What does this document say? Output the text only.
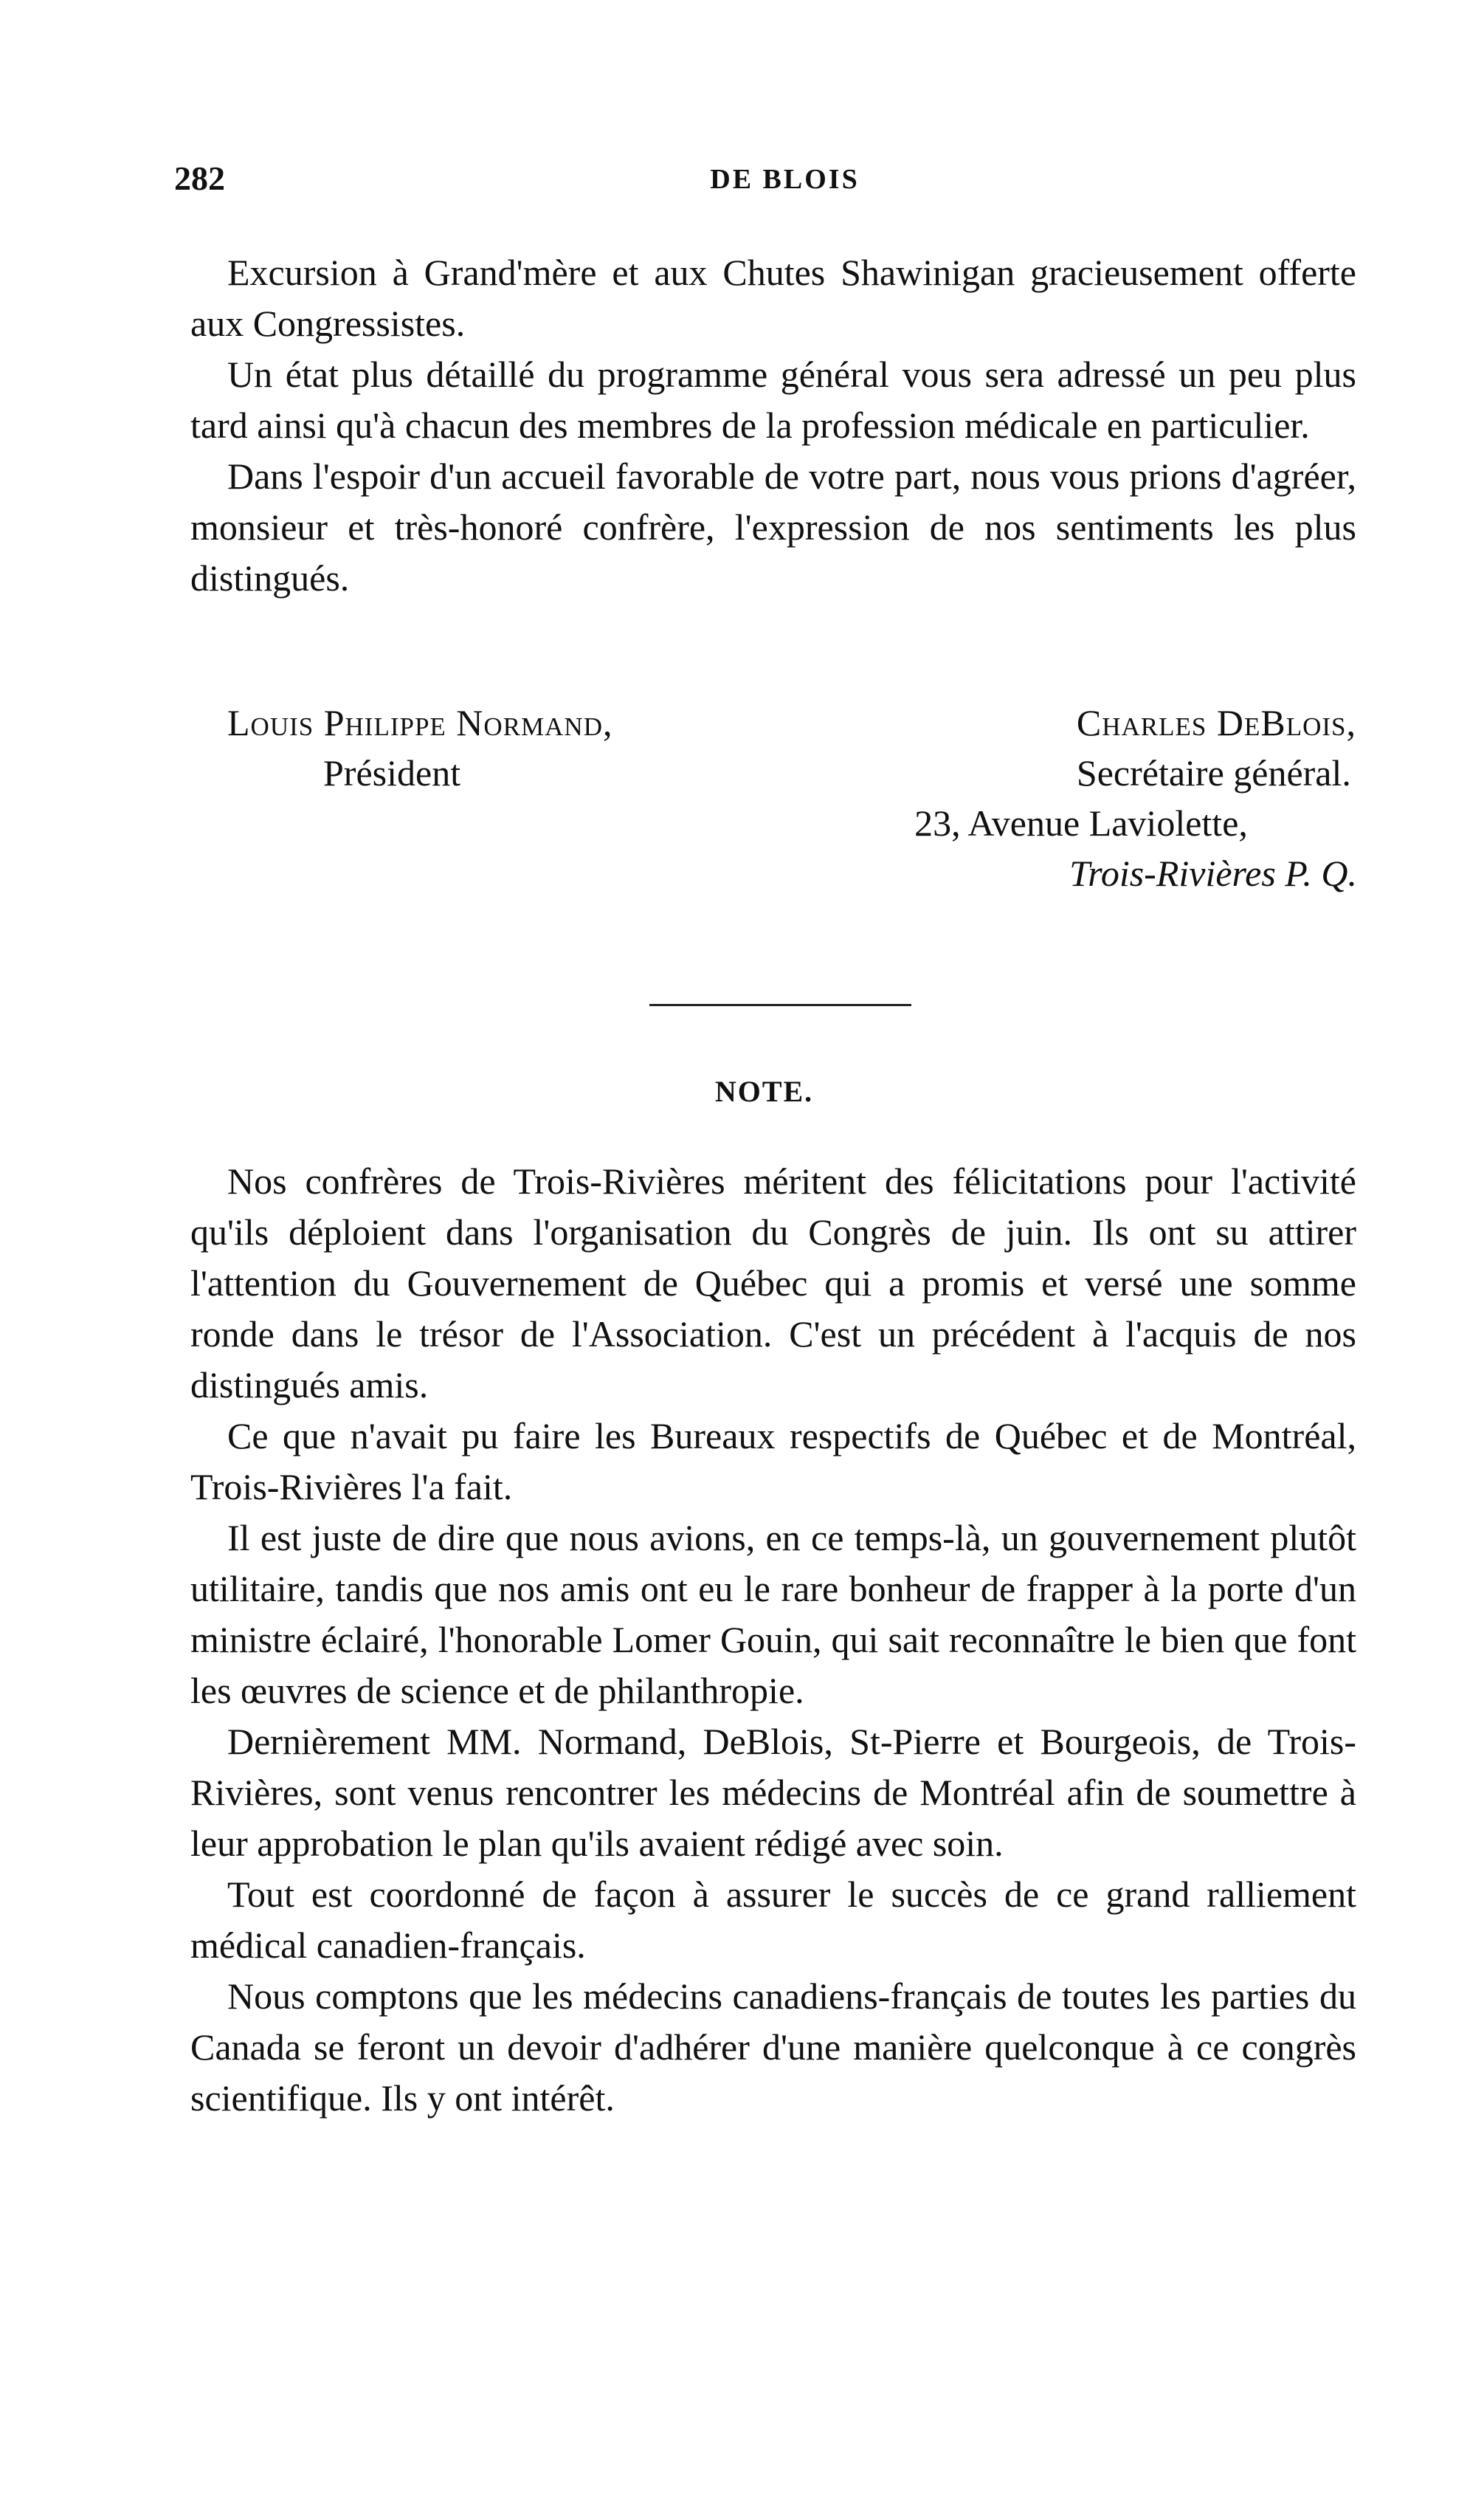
282	DE BLOIS

Excursion à Grand'mère et aux Chutes Shawinigan gracieusement offerte aux Congressistes.

Un état plus détaillé du programme général vous sera adressé un peu plus tard ainsi qu'à chacun des membres de la profession médicale en particulier.

Dans l'espoir d'un accueil favorable de votre part, nous vous prions d'agréer, monsieur et très-honoré confrère, l'expression de nos sentiments les plus distingués.

Louis Philippe Normand,
Président
Charles DeBlois,
Secrétaire général.
23, Avenue Laviolette,
Trois-Rivières P. Q.
NOTE.

Nos confrères de Trois-Rivières méritent des félicitations pour l'activité qu'ils déploient dans l'organisation du Congrès de juin. Ils ont su attirer l'attention du Gouvernement de Québec qui a promis et versé une somme ronde dans le trésor de l'Association. C'est un précédent à l'acquis de nos distingués amis.

Ce que n'avait pu faire les Bureaux respectifs de Québec et de Montréal, Trois-Rivières l'a fait.

Il est juste de dire que nous avions, en ce temps-là, un gouvernement plutôt utilitaire, tandis que nos amis ont eu le rare bonheur de frapper à la porte d'un ministre éclairé, l'honorable Lomer Gouin, qui sait reconnaître le bien que font les œuvres de science et de philanthropie.

Dernièrement MM. Normand, DeBlois, St-Pierre et Bourgeois, de Trois-Rivières, sont venus rencontrer les médecins de Montréal afin de soumettre à leur approbation le plan qu'ils avaient rédigé avec soin.

Tout est coordonné de façon à assurer le succès de ce grand ralliement médical canadien-français.

Nous comptons que les médecins canadiens-français de toutes les parties du Canada se feront un devoir d'adhérer d'une manière quelconque à ce congrès scientifique. Ils y ont intérêt.
